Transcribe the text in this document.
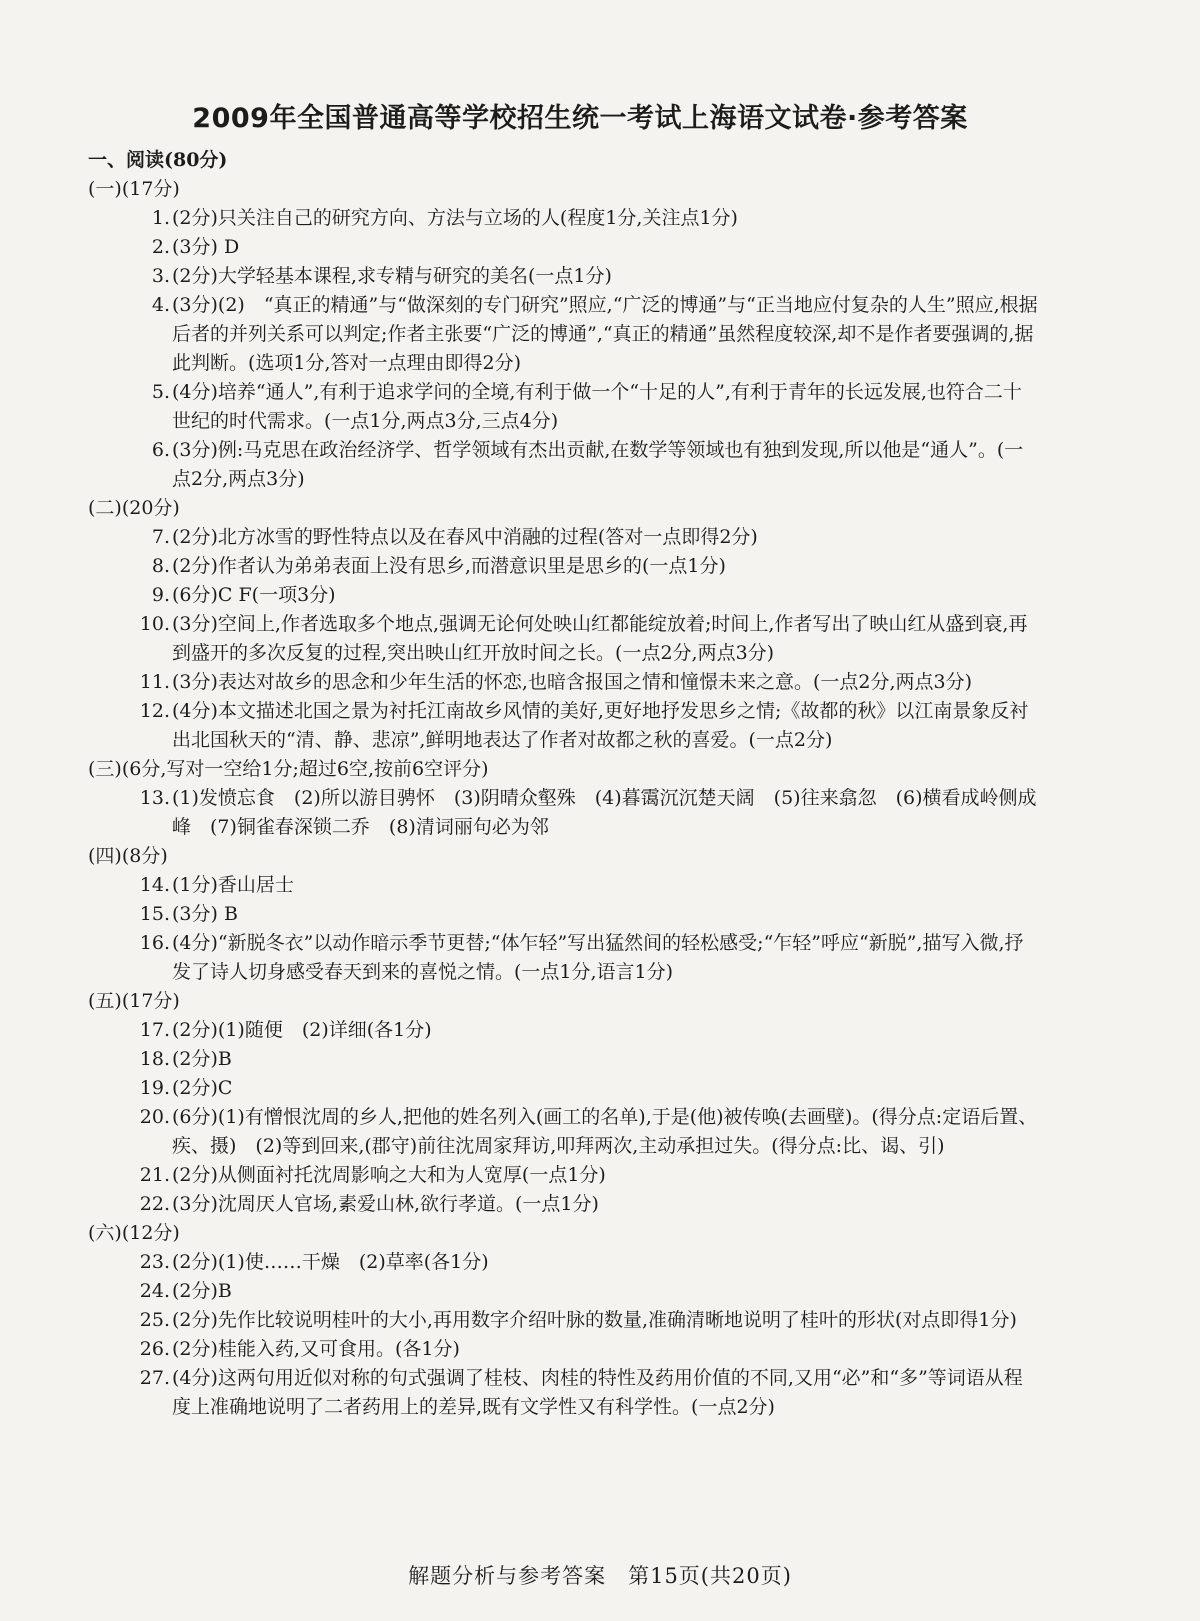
2009年全国普通高等学校招生统一考试上海语文试卷·参考答案
一、阅读(80分)
(一)(17分)
1. (2分)只关注自己的研究方向、方法与立场的人(程度1分,关注点1分)
2. (3分) D
3. (2分)大学轻基本课程,求专精与研究的美名(一点1分)
4. (3分)(2)　“真正的精通”与“做深刻的专门研究”照应,“广泛的博通”与“正当地应付复杂的人生”照应,根据后者的并列关系可以判定;作者主张要“广泛的博通”,“真正的精通”虽然程度较深,却不是作者要强调的,据此判断。(选项1分,答对一点理由即得2分)
5. (4分)培养“通人”,有利于追求学问的全境,有利于做一个“十足的人”,有利于青年的长远发展,也符合二十世纪的时代需求。(一点1分,两点3分,三点4分)
6. (3分)例:马克思在政治经济学、哲学领域有杰出贡献,在数学等领域也有独到发现,所以他是“通人”。(一点2分,两点3分)
(二)(20分)
7. (2分)北方冰雪的野性特点以及在春风中消融的过程(答对一点即得2分)
8. (2分)作者认为弟弟表面上没有思乡,而潜意识里是思乡的(一点1分)
9. (6分)C F(一项3分)
10. (3分)空间上,作者选取多个地点,强调无论何处映山红都能绽放着;时间上,作者写出了映山红从盛到衰,再到盛开的多次反复的过程,突出映山红开放时间之长。(一点2分,两点3分)
11. (3分)表达对故乡的思念和少年生活的怀恋,也暗含报国之情和憧憬未来之意。(一点2分,两点3分)
12. (4分)本文描述北国之景为衬托江南故乡风情的美好,更好地抒发思乡之情;《故都的秋》以江南景象反衬出北国秋天的“清、静、悲凉”,鲜明地表达了作者对故都之秋的喜爱。(一点2分)
(三)(6分,写对一空给1分;超过6空,按前6空评分)
13. (1)发愤忘食　(2)所以游目骋怀　(3)阴晴众壑殊　(4)暮霭沉沉楚天阔　(5)往来翕忽　(6)横看成岭侧成峰　(7)铜雀春深锁二乔　(8)清词丽句必为邻
(四)(8分)
14. (1分)香山居士
15. (3分) B
16. (4分)“新脱冬衣”以动作暗示季节更替;“体乍轻”写出猛然间的轻松感受;“乍轻”呼应“新脱”,描写入微,抒发了诗人切身感受春天到来的喜悦之情。(一点1分,语言1分)
(五)(17分)
17. (2分)(1)随便　(2)详细(各1分)
18. (2分)B
19. (2分)C
20. (6分)(1)有憎恨沈周的乡人,把他的姓名列入(画工的名单),于是(他)被传唤(去画壁)。(得分点:定语后置、疾、摄)　(2)等到回来,(郡守)前往沈周家拜访,叩拜两次,主动承担过失。(得分点:比、谒、引)
21. (2分)从侧面衬托沈周影响之大和为人宽厚(一点1分)
22. (3分)沈周厌人官场,素爱山林,欲行孝道。(一点1分)
(六)(12分)
23. (2分)(1)使……干燥　(2)草率(各1分)
24. (2分)B
25. (2分)先作比较说明桂叶的大小,再用数字介绍叶脉的数量,准确清晰地说明了桂叶的形状(对点即得1分)
26. (2分)桂能入药,又可食用。(各1分)
27. (4分)这两句用近似对称的句式强调了桂枝、肉桂的特性及药用价值的不同,又用“必”和“多”等词语从程度上准确地说明了二者药用上的差异,既有文学性又有科学性。(一点2分)
解题分析与参考答案　第15页(共20页)
